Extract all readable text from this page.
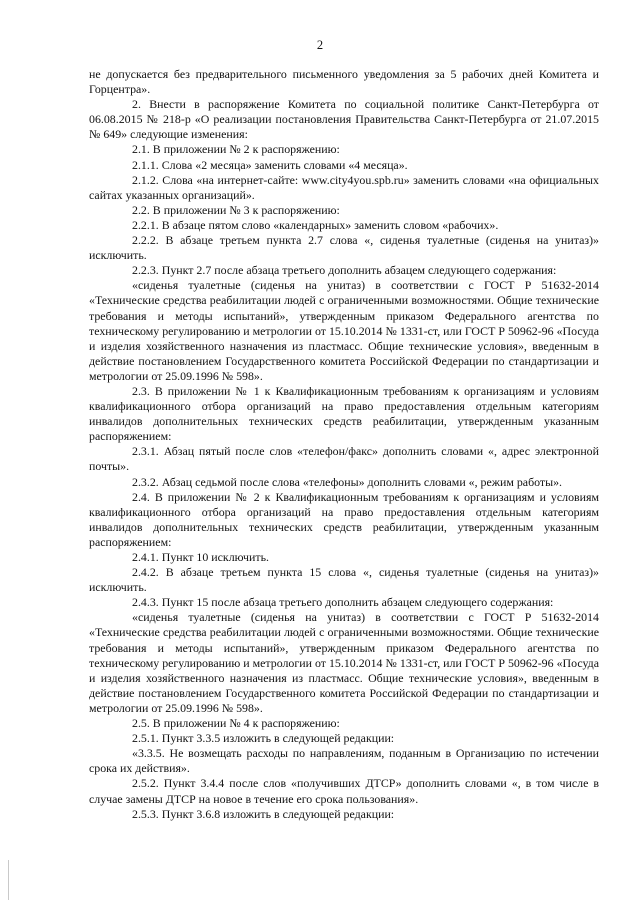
2

не допускается без предварительного письменного уведомления за 5 рабочих дней Комитета и Горцентра».

2. Внести в распоряжение Комитета по социальной политике Санкт-Петербурга от 06.08.2015 № 218-р «О реализации постановления Правительства Санкт-Петербурга от 21.07.2015 № 649» следующие изменения:

2.1. В приложении № 2 к распоряжению:

2.1.1. Слова «2 месяца» заменить словами «4 месяца».

2.1.2. Слова «на интернет-сайте: www.city4you.spb.ru» заменить словами «на официальных сайтах указанных организаций».

2.2. В приложении № 3 к распоряжению:

2.2.1. В абзаце пятом слово «календарных» заменить словом «рабочих».

2.2.2. В абзаце третьем пункта 2.7 слова «, сиденья туалетные (сиденья на унитаз)» исключить.

2.2.3. Пункт 2.7 после абзаца третьего дополнить абзацем следующего содержания:

«сиденья туалетные (сиденья на унитаз) в соответствии с ГОСТ Р 51632-2014 «Технические средства реабилитации людей с ограниченными возможностями. Общие технические требования и методы испытаний», утвержденным приказом Федерального агентства по техническому регулированию и метрологии от 15.10.2014 № 1331-ст, или ГОСТ Р 50962-96 «Посуда и изделия хозяйственного назначения из пластмасс. Общие технические условия», введенным в действие постановлением Государственного комитета Российской Федерации по стандартизации и метрологии от 25.09.1996 № 598».

2.3. В приложении № 1 к Квалификационным требованиям к организациям и условиям квалификационного отбора организаций на право предоставления отдельным категориям инвалидов дополнительных технических средств реабилитации, утвержденным указанным распоряжением:

2.3.1. Абзац пятый после слов «телефон/факс» дополнить словами «, адрес электронной почты».

2.3.2. Абзац седьмой после слова «телефоны» дополнить словами «, режим работы».

2.4. В приложении № 2 к Квалификационным требованиям к организациям и условиям квалификационного отбора организаций на право предоставления отдельным категориям инвалидов дополнительных технических средств реабилитации, утвержденным указанным распоряжением:

2.4.1. Пункт 10 исключить.

2.4.2. В абзаце третьем пункта 15 слова «, сиденья туалетные (сиденья на унитаз)» исключить.

2.4.3. Пункт 15 после абзаца третьего дополнить абзацем следующего содержания:

«сиденья туалетные (сиденья на унитаз) в соответствии с ГОСТ Р 51632-2014 «Технические средства реабилитации людей с ограниченными возможностями. Общие технические требования и методы испытаний», утвержденным приказом Федерального агентства по техническому регулированию и метрологии от 15.10.2014 № 1331-ст, или ГОСТ Р 50962-96 «Посуда и изделия хозяйственного назначения из пластмасс. Общие технические условия», введенным в действие постановлением Государственного комитета Российской Федерации по стандартизации и метрологии от 25.09.1996 № 598».

2.5. В приложении № 4 к распоряжению:

2.5.1. Пункт 3.3.5 изложить в следующей редакции:

«3.3.5. Не возмещать расходы по направлениям, поданным в Организацию по истечении срока их действия».

2.5.2. Пункт 3.4.4 после слов «получивших ДТСР» дополнить словами «, в том числе в случае замены ДТСР на новое в течение его срока пользования».

2.5.3. Пункт 3.6.8 изложить в следующей редакции:
